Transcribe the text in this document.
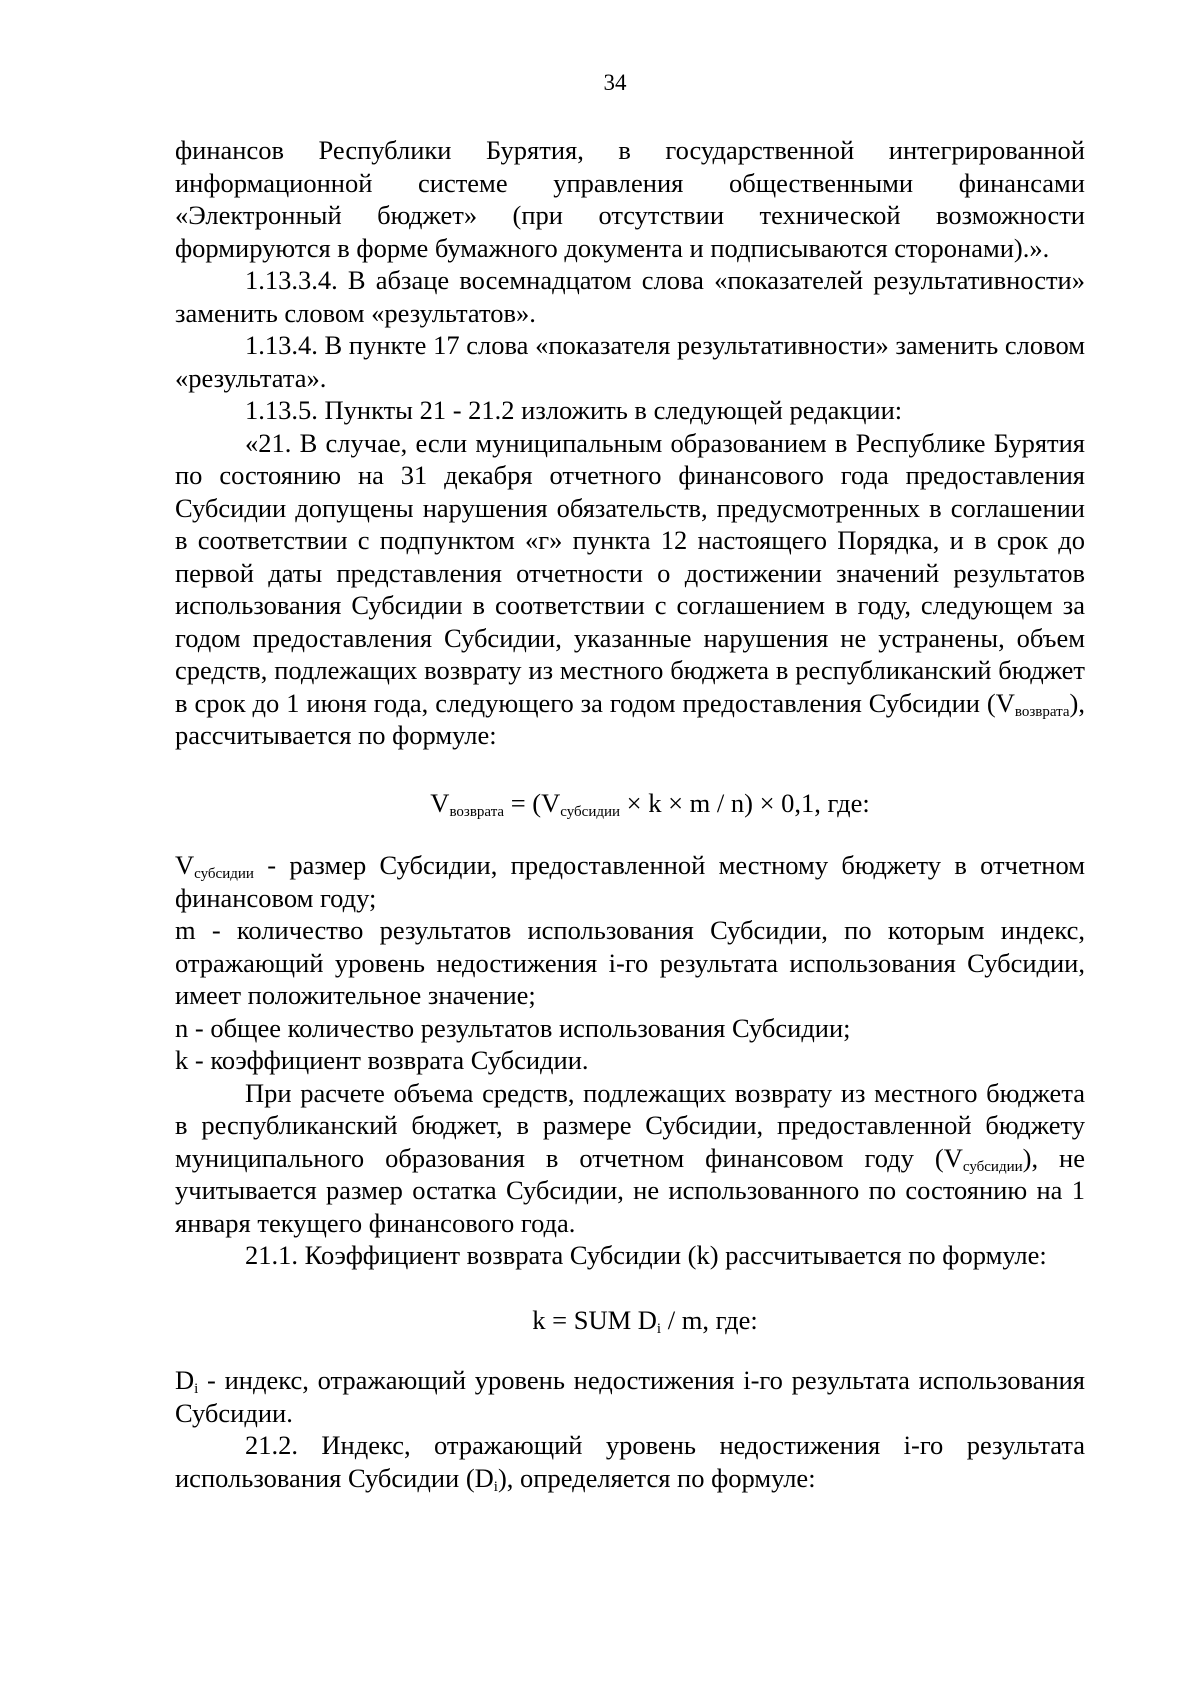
34

финансов Республики Бурятия, в государственной интегрированной информационной системе управления общественными финансами «Электронный бюджет» (при отсутствии технической возможности формируются в форме бумажного документа и подписываются сторонами).».

1.13.3.4. В абзаце восемнадцатом слова «показателей результативности» заменить словом «результатов».

1.13.4. В пункте 17 слова «показателя результативности» заменить словом «результата».

1.13.5. Пункты 21 - 21.2 изложить в следующей редакции:

«21. В случае, если муниципальным образованием в Республике Бурятия по состоянию на 31 декабря отчетного финансового года предоставления Субсидии допущены нарушения обязательств, предусмотренных в соглашении в соответствии с подпунктом «г» пункта 12 настоящего Порядка, и в срок до первой даты представления отчетности о достижении значений результатов использования Субсидии в соответствии с соглашением в году, следующем за годом предоставления Субсидии, указанные нарушения не устранены, объем средств, подлежащих возврату из местного бюджета в республиканский бюджет в срок до 1 июня года, следующего за годом предоставления Субсидии $(V_{возврата})$, рассчитывается по формуле:

$V_{возврата} = (V_{субсидии} \times k \times m / n) \times 0,1$, где:

$V_{субсидии}$ - размер Субсидии, предоставленной местному бюджету в отчетном финансовом году;

m - количество результатов использования Субсидии, по которым индекс, отражающий уровень недостижения i-го результата использования Субсидии, имеет положительное значение;

n - общее количество результатов использования Субсидии;

k - коэффициент возврата Субсидии.

При расчете объема средств, подлежащих возврату из местного бюджета в республиканский бюджет, в размере Субсидии, предоставленной бюджету муниципального образования в отчетном финансовом году $(V_{субсидии})$, не учитывается размер остатка Субсидии, не использованного по состоянию на 1 января текущего финансового года.

21.1. Коэффициент возврата Субсидии (k) рассчитывается по формуле:

k = SUM $D_i$ / m, где:

$D_i$ - индекс, отражающий уровень недостижения i-го результата использования Субсидии.

21.2. Индекс, отражающий уровень недостижения i-го результата использования Субсидии $(D_i)$, определяется по формуле:
